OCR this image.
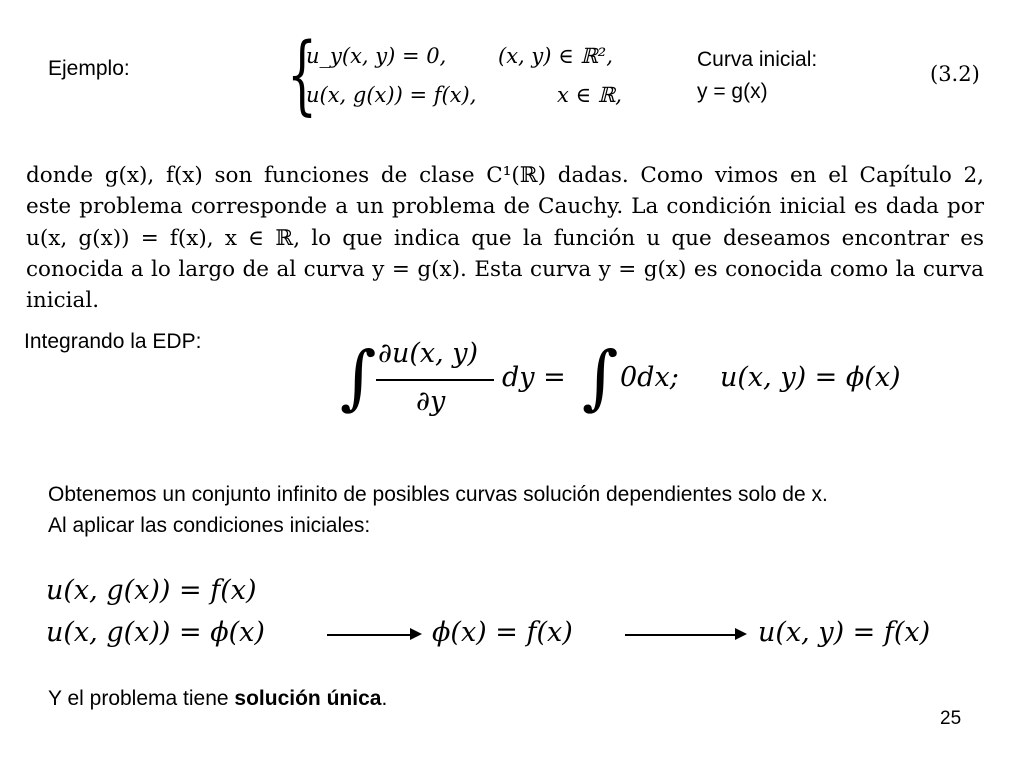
Ejemplo: {
u_y(x, y) = 0, (x, y) ∈ ℝ²,
u(x, g(x)) = f(x),	x ∈ ℝ,
(3.2)
Curva inicial:
y = g(x)
donde g(x), f(x) son funciones de clase C¹(ℝ) dadas. Como vimos en el Capítulo 2,
este problema corresponde a un problema de Cauchy. La condición inicial es dada por
u(x, g(x)) = f(x), x ∈ ℝ, lo que indica que la función u que deseamos encontrar es
conocida a lo largo de al curva y = g(x). Esta curva y = g(x) es conocida como la curva
inicial.
Integrando la EDP: ∫ ∂u(x, y)
∂y
dy = ∫ 0dx; u(x, y) = ϕ(x)
Obtenemos un conjunto infinito de posibles curvas solución dependientes solo de x.
Al aplicar las condiciones iniciales:
u(x, g(x)) = f(x)
u(x, g(x)) = ϕ(x)	ϕ(x) = f(x)	u(x, y) = f(x)
Y el problema tiene solución única.
25
